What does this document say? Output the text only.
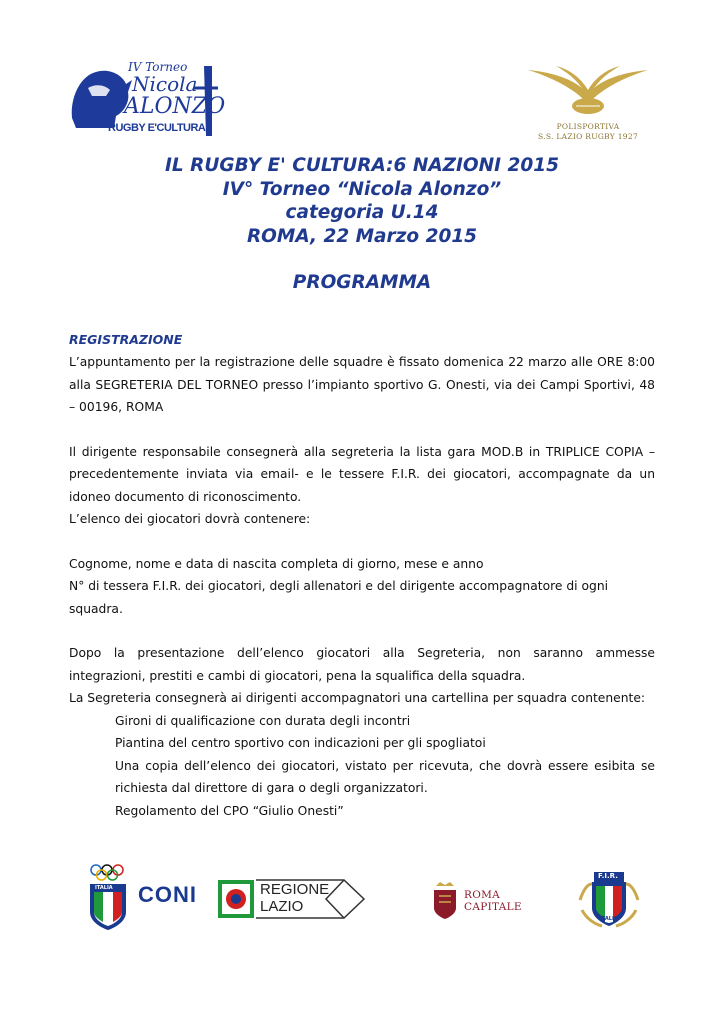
IV Torneo
Nicola
ALONZO
RUGBY E'CULTURA	POLISPORTIVA
S.S. LAZIO RUGBY 1927
IL RUGBY E' CULTURA:6 NAZIONI 2015
IV° Torneo “Nicola Alonzo”
categoria U.14
ROMA, 22 Marzo 2015
PROGRAMMA
REGISTRAZIONE

L’appuntamento per la registrazione delle squadre è fissato domenica 22 marzo alle ORE 8:00 alla SEGRETERIA DEL TORNEO presso l’impianto sportivo G. Onesti, via dei Campi Sportivi, 48 – 00196, ROMA

Il dirigente responsabile consegnerà alla segreteria la lista gara MOD.B in TRIPLICE COPIA – precedentemente inviata via email- e le tessere F.I.R. dei giocatori, accompagnate da un idoneo documento di riconoscimento.

L’elenco dei giocatori dovrà contenere:

Cognome, nome e data di nascita completa di giorno, mese e anno

N° di tessera F.I.R. dei giocatori, degli allenatori e del dirigente accompagnatore di ogni squadra.

Dopo la presentazione dell’elenco giocatori alla Segreteria, non saranno ammesse integrazioni, prestiti e cambi di giocatori, pena la squalifica della squadra.

La Segreteria consegnerà ai dirigenti accompagnatori una cartellina per squadra contenente:

Gironi di qualificazione con durata degli incontri

Piantina del centro sportivo con indicazioni per gli spogliatoi

Una copia dell’elenco dei giocatori, vistato per ricevuta, che dovrà essere esibita se richiesta dal direttore di gara o degli organizzatori.

Regolamento del CPO “Giulio Onesti”

ITALIA CONI	REGIONE
LAZIO
ROMA
CAPITALE
F.I.R.
ITALIA
